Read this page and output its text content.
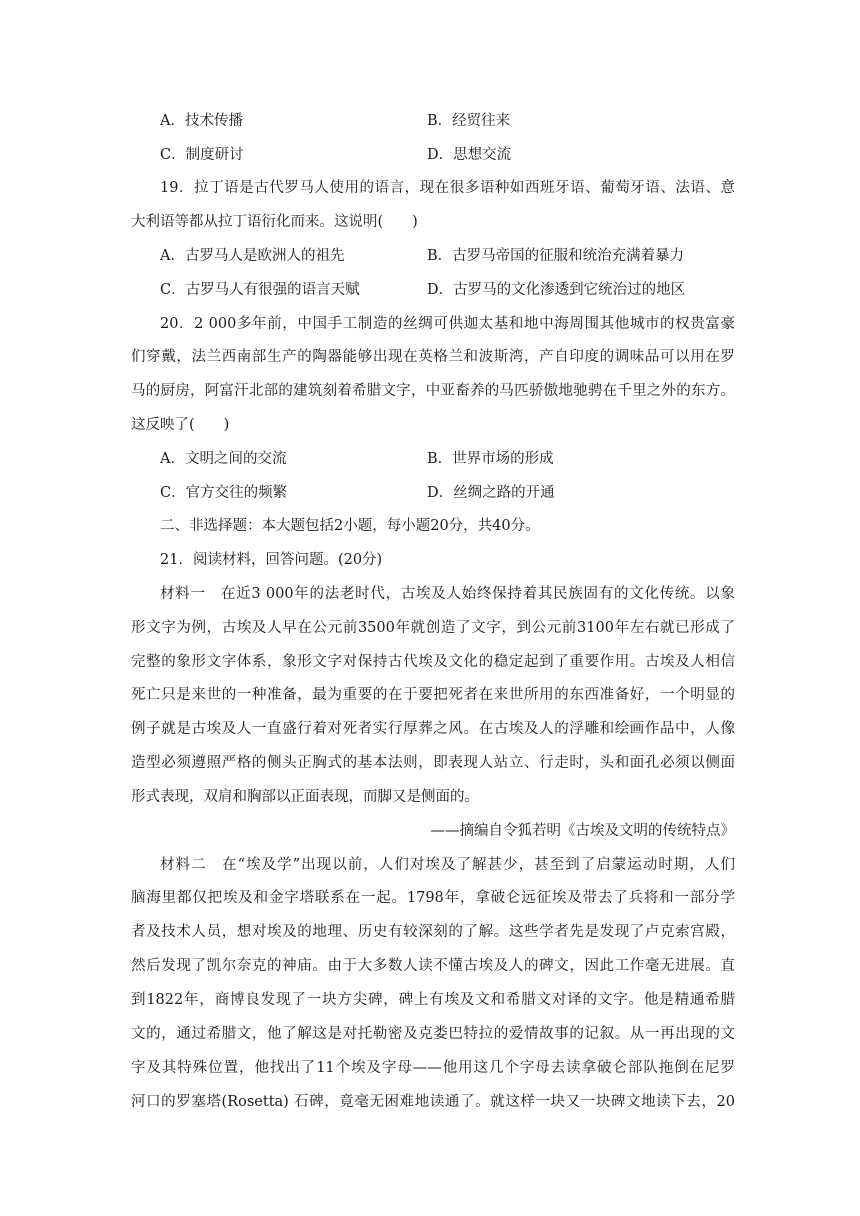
A．技术传播	B．经贸往来
C．制度研讨	D．思想交流
19．拉丁语是古代罗马人使用的语言，现在很多语种如西班牙语、葡萄牙语、法语、意
大利语等都从拉丁语衍化而来。这说明(　　)
A．古罗马人是欧洲人的祖先	B．古罗马帝国的征服和统治充满着暴力
C．古罗马人有很强的语言天赋	D．古罗马的文化渗透到它统治过的地区
20．2 000多年前，中国手工制造的丝绸可供迦太基和地中海周围其他城市的权贵富豪
们穿戴，法兰西南部生产的陶器能够出现在英格兰和波斯湾，产自印度的调味品可以用在罗
马的厨房，阿富汗北部的建筑刻着希腊文字，中亚畜养的马匹骄傲地驰骋在千里之外的东方。
这反映了(　　)
A．文明之间的交流	B．世界市场的形成
C．官方交往的频繁	D．丝绸之路的开通
二、非选择题：本大题包括2小题，每小题20分，共40分。
21．阅读材料，回答问题。(20分)
材料一　在近3 000年的法老时代，古埃及人始终保持着其民族固有的文化传统。以象
形文字为例，古埃及人早在公元前3500年就创造了文字，到公元前3100年左右就已形成了
完整的象形文字体系，象形文字对保持古代埃及文化的稳定起到了重要作用。古埃及人相信
死亡只是来世的一种准备，最为重要的在于要把死者在来世所用的东西准备好，一个明显的
例子就是古埃及人一直盛行着对死者实行厚葬之风。在古埃及人的浮雕和绘画作品中，人像
造型必须遵照严格的侧头正胸式的基本法则，即表现人站立、行走时，头和面孔必须以侧面
形式表现，双肩和胸部以正面表现，而脚又是侧面的。
——摘编自令狐若明《古埃及文明的传统特点》
材料二　在“埃及学”出现以前，人们对埃及了解甚少，甚至到了启蒙运动时期，人们
脑海里都仅把埃及和金字塔联系在一起。1798年，拿破仑远征埃及带去了兵将和一部分学
者及技术人员，想对埃及的地理、历史有较深刻的了解。这些学者先是发现了卢克索宫殿，
然后发现了凯尔奈克的神庙。由于大多数人读不懂古埃及人的碑文，因此工作毫无进展。直
到1822年，商博良发现了一块方尖碑，碑上有埃及文和希腊文对译的文字。他是精通希腊
文的，通过希腊文，他了解这是对托勒密及克娄巴特拉的爱情故事的记叙。从一再出现的文
字及其特殊位置，他找出了11个埃及字母——他用这几个字母去读拿破仑部队拖倒在尼罗
河口的罗塞塔(Rosetta) 石碑，竟毫无困难地读通了。就这样一块又一块碑文地读下去，20
